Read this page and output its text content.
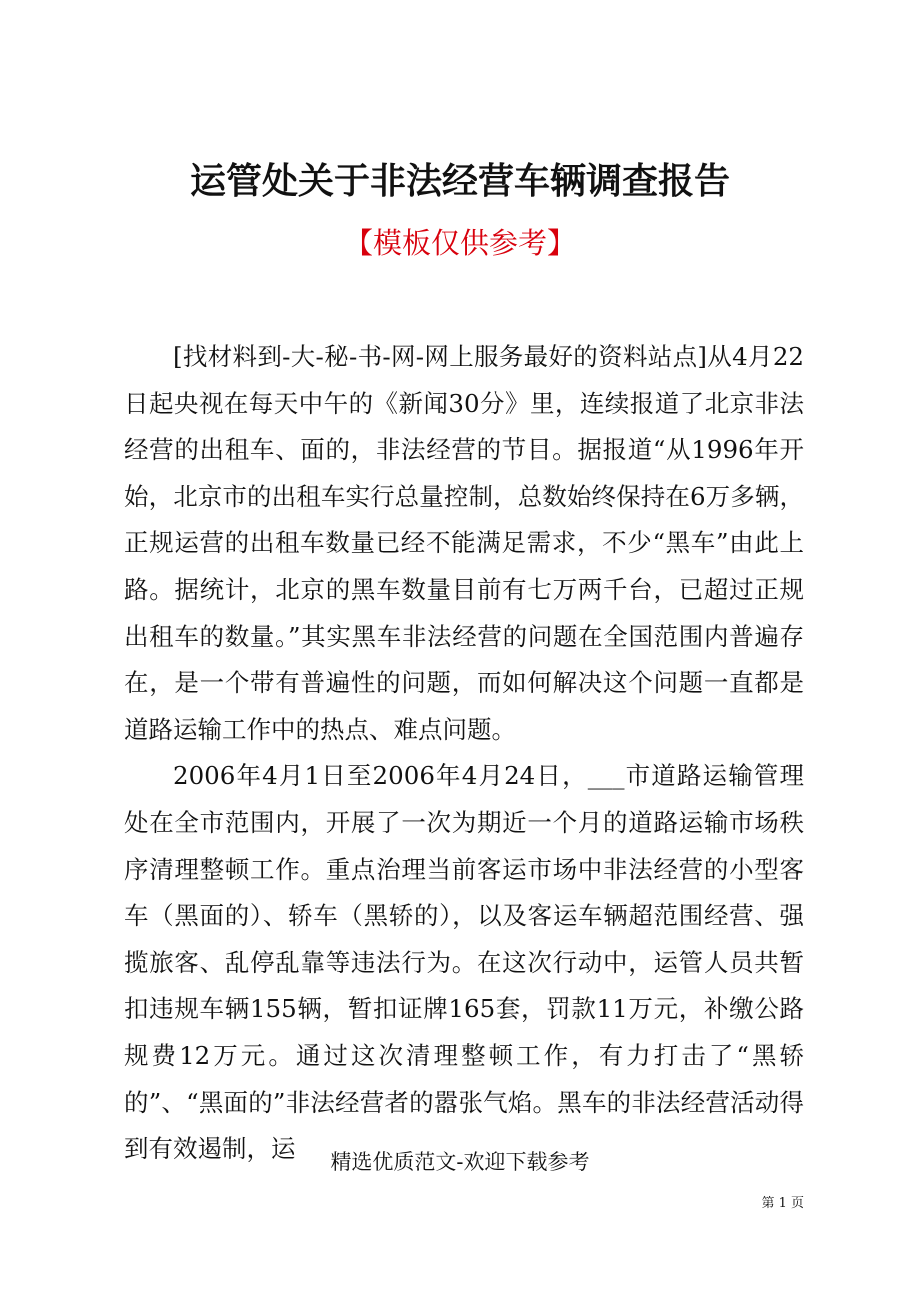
运管处关于非法经营车辆调查报告
【模板仅供参考】

[找材料到-大-秘-书-网-网上服务最好的资料站点]从4月22日起央视在每天中午的《新闻30分》里，连续报道了北京非法经营的出租车、面的，非法经营的节目。据报道“从1996年开始，北京市的出租车实行总量控制，总数始终保持在6万多辆，正规运营的出租车数量已经不能满足需求，不少“黑车”由此上路。据统计，北京的黑车数量目前有七万两千台，已超过正规出租车的数量。”其实黑车非法经营的问题在全国范围内普遍存在，是一个带有普遍性的问题，而如何解决这个问题一直都是道路运输工作中的热点、难点问题。

2006年4月1日至2006年4月24日，___市道路运输管理处在全市范围内，开展了一次为期近一个月的道路运输市场秩序清理整顿工作。重点治理当前客运市场中非法经营的小型客车（黑面的）、轿车（黑轿的），以及客运车辆超范围经营、强揽旅客、乱停乱靠等违法行为。在这次行动中，运管人员共暂扣违规车辆155辆，暂扣证牌165套，罚款11万元，补缴公路规费12万元。通过这次清理整顿工作，有力打击了“黑轿的”、“黑面的”非法经营者的嚣张气焰。黑车的非法经营活动得到有效遏制，运	精选优质范文-欢迎下载参考
第 1 页
